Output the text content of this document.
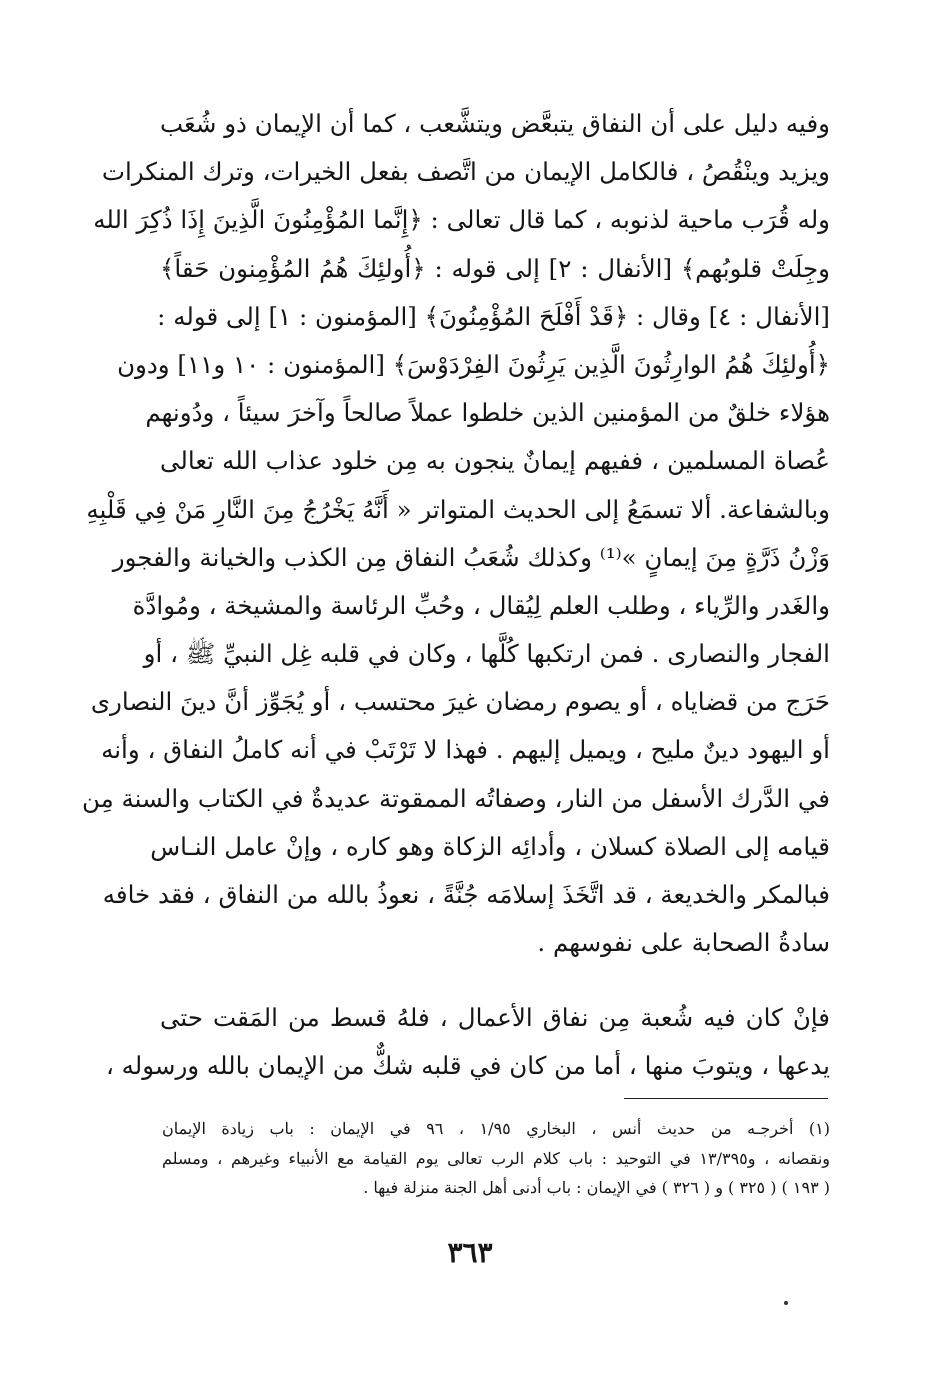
وفيه دليل على أن النفاق يتبعَّض ويتشَّعب ، كما أن الإيمان ذو شُعَب
ويزيد وينْقُصُ ، فالكامل الإيمان من اتَّصف بفعل الخيرات، وترك المنكرات
وله قُرَب ماحية لذنوبه ، كما قال تعالى : ﴿إِنَّما المُؤْمِنُونَ الَّذِينَ إِذَا ذُكِرَ الله
وجِلَتْ قلوبُهم﴾ [الأنفال : ٢] إلى قوله : ﴿أُولئِكَ هُمُ المُؤْمِنون حَقاً﴾
[الأنفال : ٤] وقال : ﴿قَدْ أَفْلَحَ المُؤْمِنُونَ﴾ [المؤمنون : ١] إلى قوله :
﴿أُولئِكَ هُمُ الوارِثُونَ الَّذِين يَرِثُونَ الفِرْدَوْسَ﴾ [المؤمنون : ١٠ و١١] ودون
هؤلاء خلقٌ من المؤمنين الذين خلطوا عملاً صالحاً وآخرَ سيئاً ، ودُونهم
عُصاة المسلمين ، ففيهم إيمانٌ ينجون به مِن خلود عذاب الله تعالى
وبالشفاعة. ألا تسمَعُ إلى الحديث المتواتر « أَنَّهُ يَخْرُجُ مِنَ النَّارِ مَنْ فِي قَلْبِهِ
وَزْنُ ذَرَّةٍ مِنَ إيمانٍ »⁽¹⁾ وكذلك شُعَبُ النفاق مِن الكذب والخيانة والفجور
والغَدر والرِّياء ، وطلب العلم لِيُقال ، وحُبِّ الرئاسة والمشيخة ، ومُوادَّة
الفجار والنصارى . فمن ارتكبها كُلَّها ، وكان في قلبه غِل النبيِّ ﷺ ، أو
حَرَج من قضاياه ، أو يصوم رمضان غيرَ محتسب ، أو يُجَوِّز أنَّ دينَ النصارى
أو اليهود دينٌ مليح ، ويميل إليهم . فهذا لا تَرْتَبْ في أنه كاملُ النفاق ، وأنه
في الدَّرك الأسفل من النار، وصفاتُه الممقوتة عديدةٌ في الكتاب والسنة مِن
قيامه إلى الصلاة كسلان ، وأدائِه الزكاة وهو كاره ، وإنْ عامل النـاس
فبالمكر والخديعة ، قد اتَّخَذَ إسلامَه جُنَّةً ، نعوذُ بالله من النفاق ، فقد خافه
سادةُ الصحابة على نفوسهم .
فإنْ كان فيه شُعبة مِن نفاق الأعمال ، فلهُ قسط من المَقت حتى
يدعها ، ويتوبَ منها ، أما من كان في قلبه شكٌّ من الإيمان بالله ورسوله ،
(١) أخرجـه من حديث أنس ، البخاري ١/٩٥ ، ٩٦ في الإيمان : باب زيادة الإيمان
ونقصانه ، و١٣/٣٩٥ في التوحيد : باب كلام الرب تعالى يوم القيامة مع الأنبياء وغيرهم ، ومسلم
( ١٩٣ ) ( ٣٢٥ ) و ( ٣٢٦ ) في الإيمان : باب أدنى أهل الجنة منزلة فيها .
٣٦٣
